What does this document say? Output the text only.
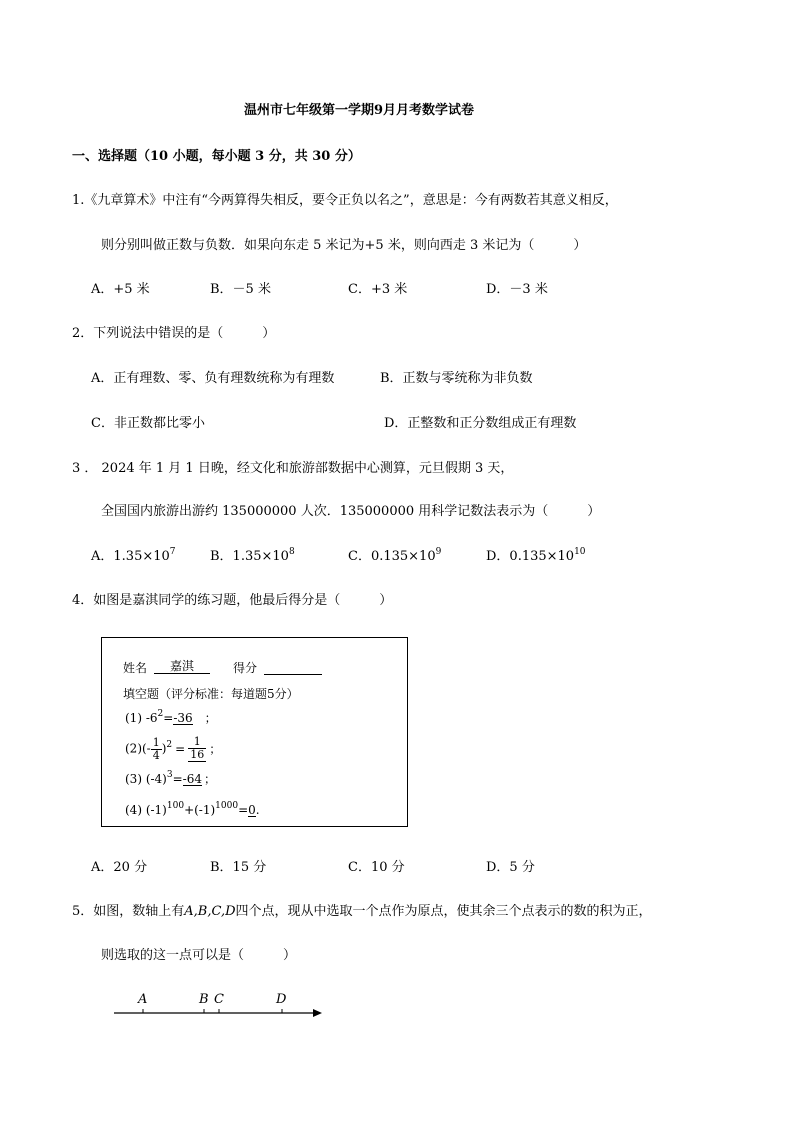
温州市七年级第一学期9月月考数学试卷
一、选择题（10 小题，每小题 3 分，共 30 分）
1.《九章算术》中注有“今两算得失相反，要令正负以名之”，意思是：今有两数若其意义相反，
则分别叫做正数与负数．如果向东走 5 米记为+5 米，则向西走 3 米记为（　　　）
A．+5 米	B．－5 米	C．+3 米	D．－3 米
2．下列说法中错误的是（　　　）
A．正有理数、零、负有理数统称为有理数	B．正数与零统称为非负数
C．非正数都比零小	D．正整数和正分数组成正有理数
3 ． 2024 年 1 月 1 日晚，经文化和旅游部数据中心测算，元旦假期 3 天，
全国国内旅游出游约 135000000 人次．135000000 用科学记数法表示为（　　　）
A．$1.35\times 10^7$	B．$1.35\times 10^8$	C．$0.135\times 10^9$	D．$0.135\times 10^{10}$
4．如图是嘉淇同学的练习题，他最后得分是（　　　）
姓名	嘉淇	得分
填空题（评分标准：每道题5分）
(1) $-6^2=-36$ ；
$(2)(- \frac{1}{4} )^2 = \frac{1}{16}$ ；
(3) $(-4)^3=-64$ ；
(4) $(-1)^{100}+(-1)^{1000}=0$.
A．20 分	B．15 分	C．10 分	D．5 分
5．如图，数轴上有A,B,C,D四个点，现从中选取一个点作为原点，使其余三个点表示的数的积为正，
则选取的这一点可以是（　　　）
A	B C	D
